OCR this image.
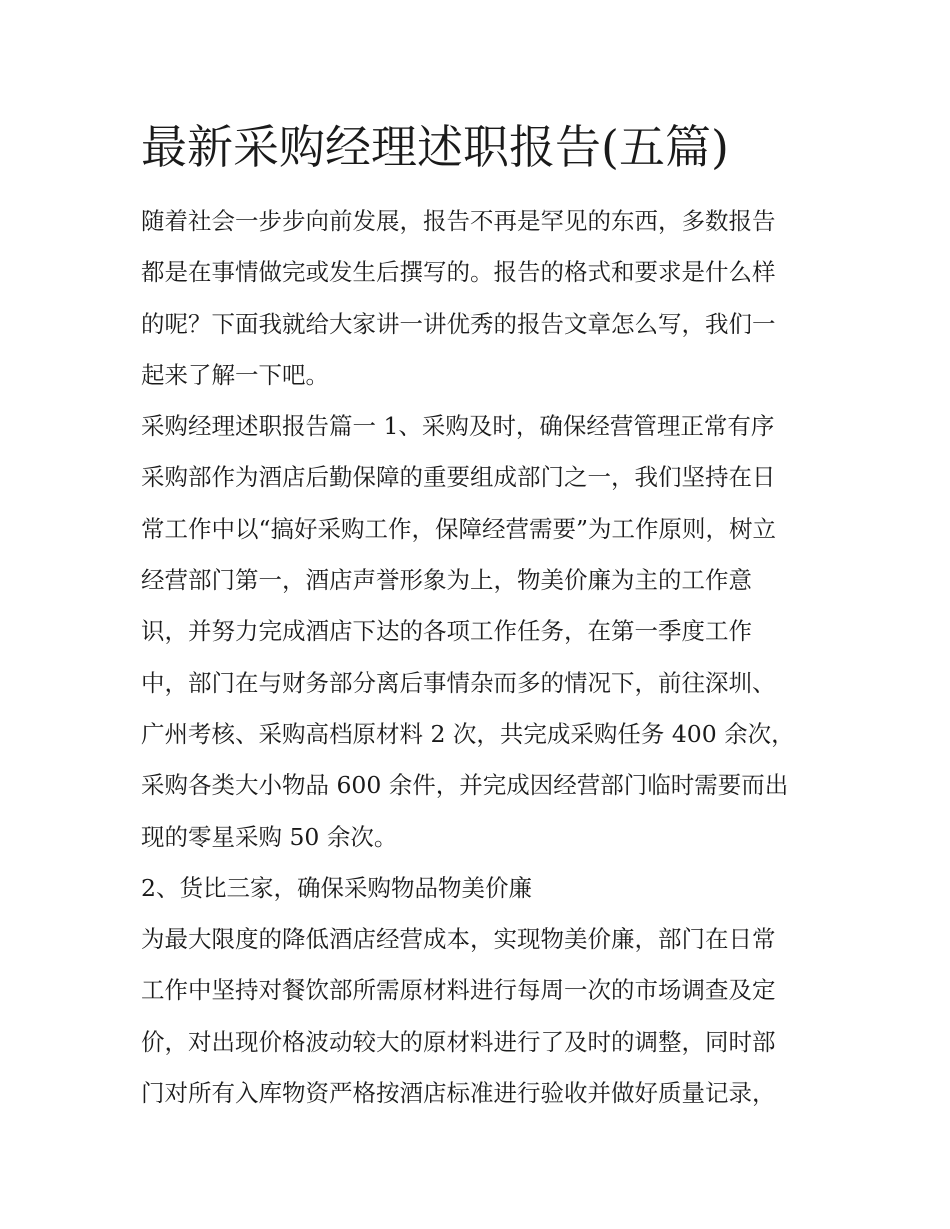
最新采购经理述职报告(五篇)
随着社会一步步向前发展，报告不再是罕见的东西，多数报告
都是在事情做完或发生后撰写的。报告的格式和要求是什么样
的呢？下面我就给大家讲一讲优秀的报告文章怎么写，我们一
起来了解一下吧。
采购经理述职报告篇一 1、采购及时，确保经营管理正常有序
采购部作为酒店后勤保障的重要组成部门之一，我们坚持在日
常工作中以“搞好采购工作，保障经营需要”为工作原则，树立
经营部门第一，酒店声誉形象为上，物美价廉为主的工作意
识，并努力完成酒店下达的各项工作任务，在第一季度工作
中，部门在与财务部分离后事情杂而多的情况下，前往深圳、
广州考核、采购高档原材料 2 次，共完成采购任务 400 余次，
采购各类大小物品 600 余件，并完成因经营部门临时需要而出
现的零星采购 50 余次。
2、货比三家，确保采购物品物美价廉
为最大限度的降低酒店经营成本，实现物美价廉，部门在日常
工作中坚持对餐饮部所需原材料进行每周一次的市场调查及定
价，对出现价格波动较大的原材料进行了及时的调整，同时部
门对所有入库物资严格按酒店标准进行验收并做好质量记录，
